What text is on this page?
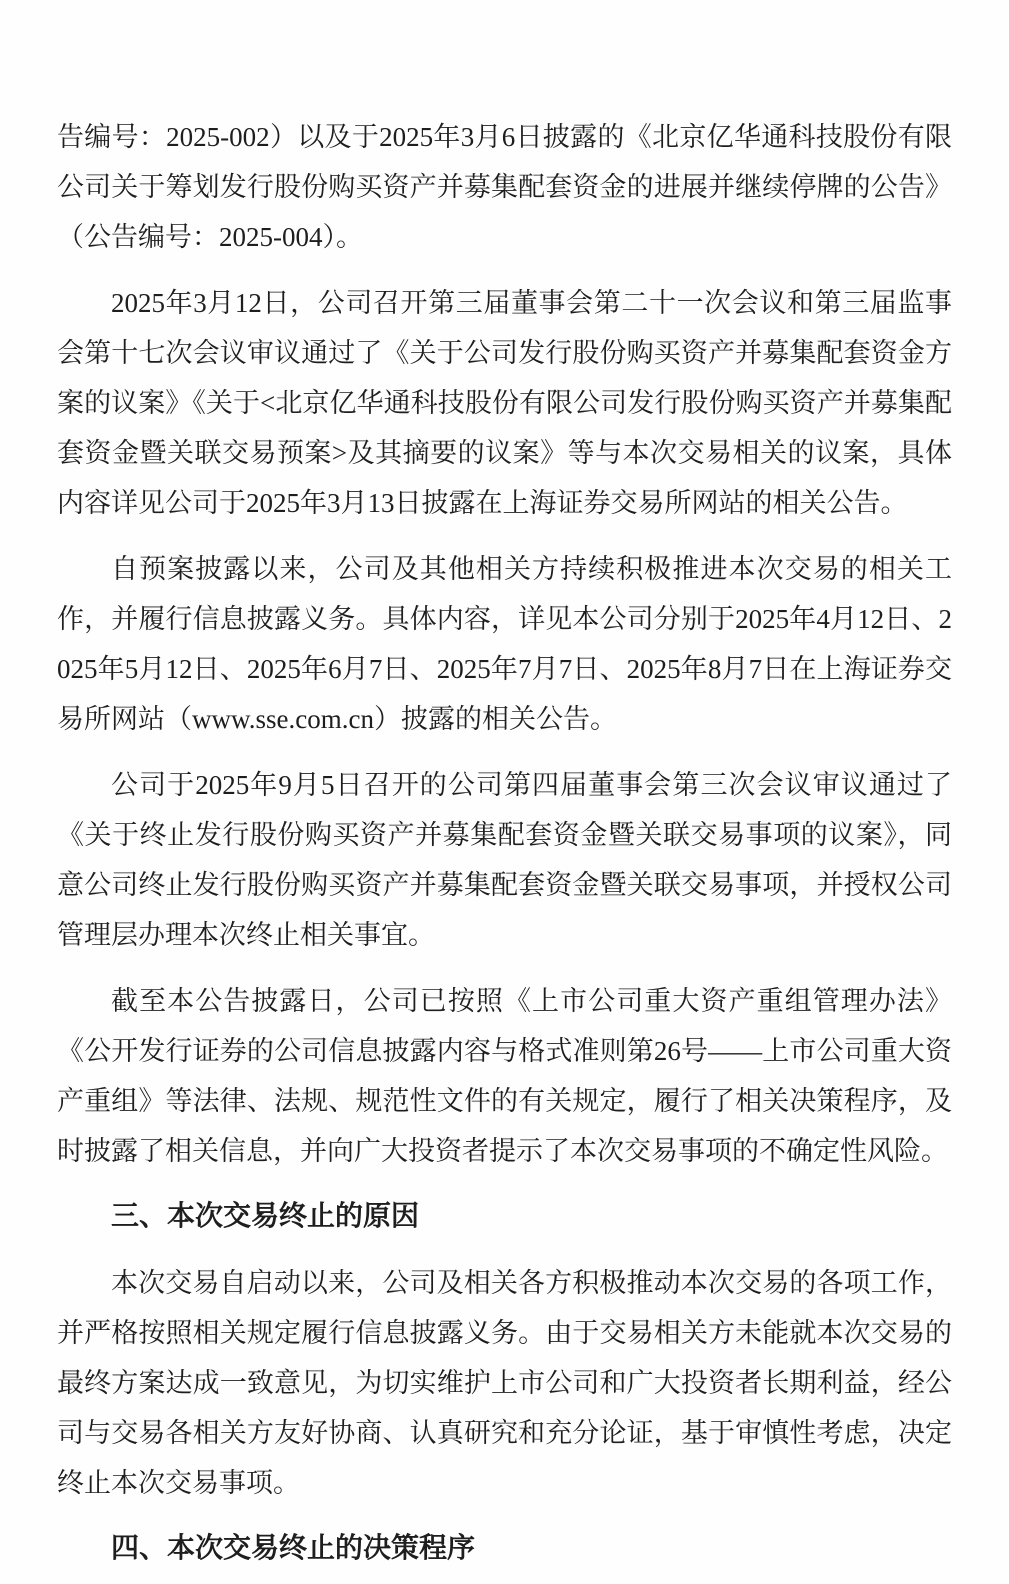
告编号：2025-002）以及于2025年3月6日披露的《北京亿华通科技股份有限公司关于筹划发行股份购买资产并募集配套资金的进展并继续停牌的公告》（公告编号：2025-004）。

2025年3月12日，公司召开第三届董事会第二十一次会议和第三届监事会第十七次会议审议通过了《关于公司发行股份购买资产并募集配套资金方案的议案》《关于<北京亿华通科技股份有限公司发行股份购买资产并募集配套资金暨关联交易预案>及其摘要的议案》等与本次交易相关的议案，具体内容详见公司于2025年3月13日披露在上海证券交易所网站的相关公告。

自预案披露以来，公司及其他相关方持续积极推进本次交易的相关工作，并履行信息披露义务。具体内容，详见本公司分别于2025年4月12日、2025年5月12日、2025年6月7日、2025年7月7日、2025年8月7日在上海证券交易所网站（www.sse.com.cn）披露的相关公告。

公司于2025年9月5日召开的公司第四届董事会第三次会议审议通过了《关于终止发行股份购买资产并募集配套资金暨关联交易事项的议案》，同意公司终止发行股份购买资产并募集配套资金暨关联交易事项，并授权公司管理层办理本次终止相关事宜。

截至本公告披露日，公司已按照《上市公司重大资产重组管理办法》《公开发行证券的公司信息披露内容与格式准则第26号——上市公司重大资产重组》等法律、法规、规范性文件的有关规定，履行了相关决策程序，及时披露了相关信息，并向广大投资者提示了本次交易事项的不确定性风险。

三、本次交易终止的原因

本次交易自启动以来，公司及相关各方积极推动本次交易的各项工作，并严格按照相关规定履行信息披露义务。由于交易相关方未能就本次交易的最终方案达成一致意见，为切实维护上市公司和广大投资者长期利益，经公司与交易各相关方友好协商、认真研究和充分论证，基于审慎性考虑，决定终止本次交易事项。

四、本次交易终止的决策程序
